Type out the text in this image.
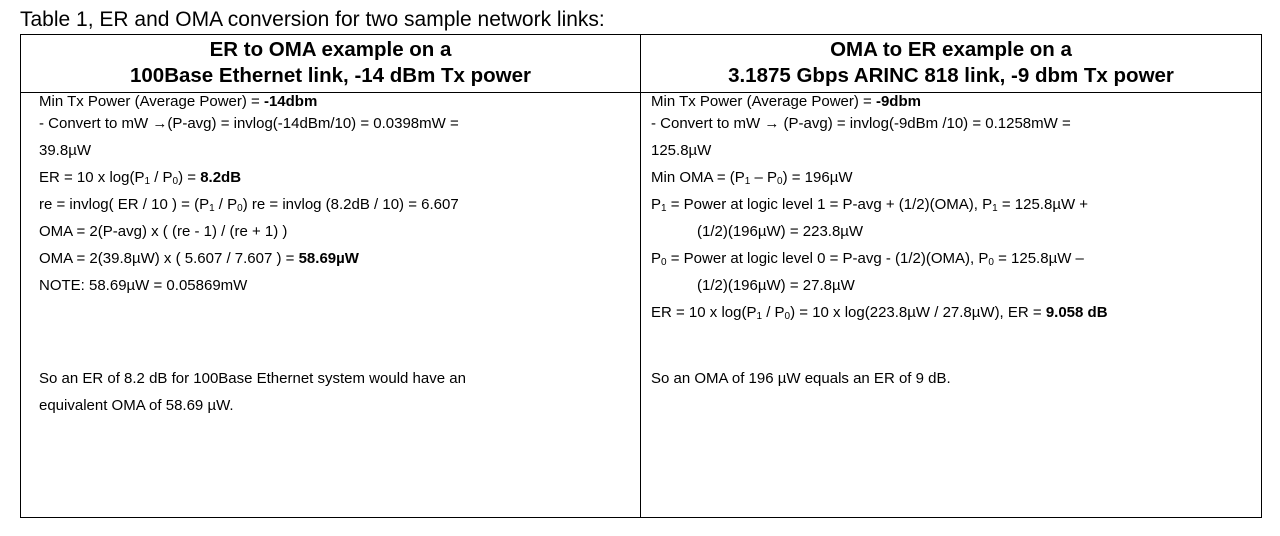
Table 1, ER and OMA conversion for two sample network links:
ER to OMA example on a
100Base Ethernet link, -14 dBm Tx power
OMA to ER example on a
3.1875 Gbps ARINC 818 link, -9 dbm Tx power
Min Tx Power (Average Power) = -14dbm
- Convert to mW →(P-avg) = invlog(-14dBm/10) = 0.0398mW =
39.8µW
ER = 10 x $\log(P_1 / P_0) = 8.2dB$
re = invlog( ER / 10 ) = $(P_1 / P_0)$ re = invlog (8.2dB / 10) = 6.607
OMA = 2(P-avg) x ( (re - 1) / (re + 1) )
OMA = 2(39.8µW) x ( 5.607 / 7.607 ) = 58.69µW
NOTE: 58.69µW = 0.05869mW
So an ER of 8.2 dB for 100Base Ethernet system would have an
equivalent OMA of 58.69 µW.
Min Tx Power (Average Power) = -9dbm
- Convert to mW → (P-avg) = invlog(-9dBm /10) = 0.1258mW =
125.8µW
Min OMA = $(P_1 - P_0) = 196\mu W$
$P_1$ = Power at logic level 1 = P-avg + (1/2)(OMA), $P_1 = 125.8\mu W$ +
(1/2)(196µW) = 223.8µW
$P_0$ = Power at logic level 0 = P-avg - (1/2)(OMA), $P_0 = 125.8\mu W$ –
(1/2)(196µW) = 27.8µW
ER = 10 x $\log(P_1 / P_0) = 10$ x log(223.8µW / 27.8µW), ER = 9.058 dB
So an OMA of 196 µW equals an ER of 9 dB.
